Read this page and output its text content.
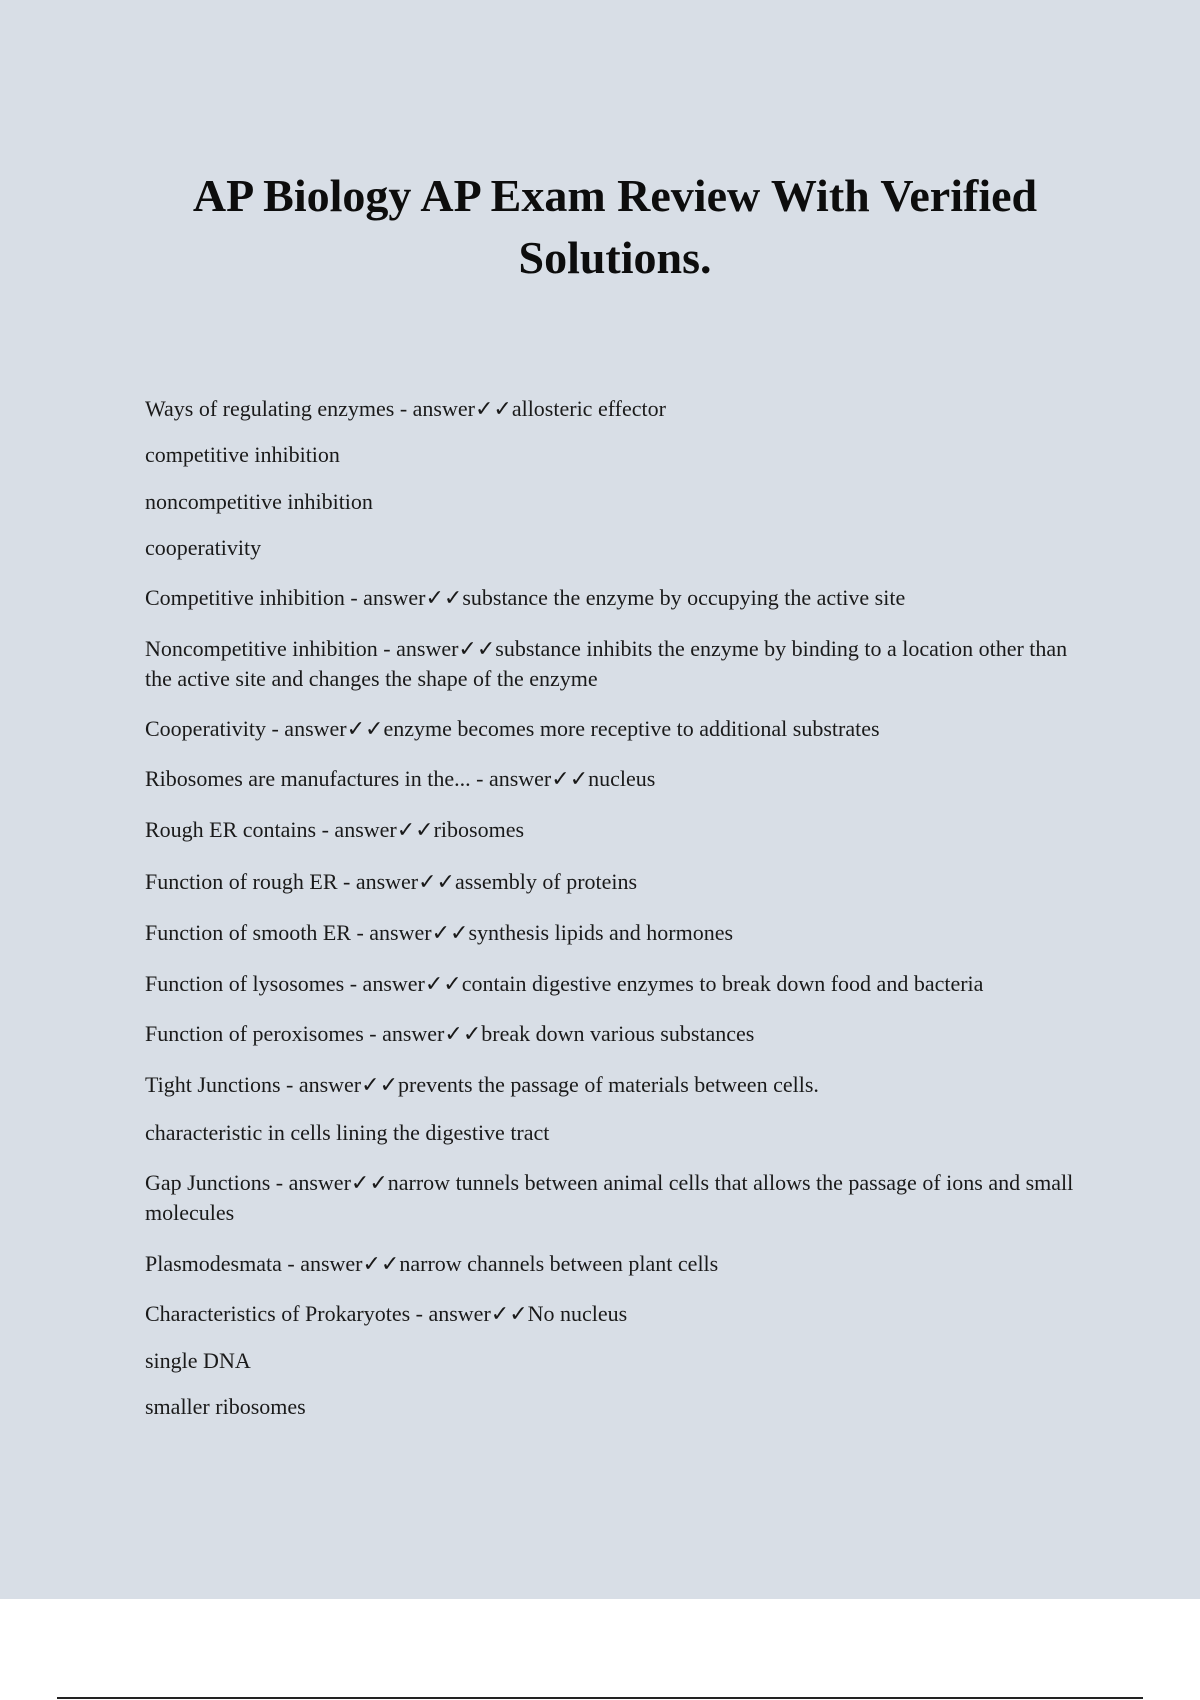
AP Biology AP Exam Review With Verified Solutions.
Ways of regulating enzymes - answer✓✓allosteric effector
competitive inhibition
noncompetitive inhibition
cooperativity
Competitive inhibition - answer✓✓substance the enzyme by occupying the active site
Noncompetitive inhibition - answer✓✓substance inhibits the enzyme by binding to a location other than the active site and changes the shape of the enzyme
Cooperativity - answer✓✓enzyme becomes more receptive to additional substrates
Ribosomes are manufactures in the... - answer✓✓nucleus
Rough ER contains - answer✓✓ribosomes
Function of rough ER - answer✓✓assembly of proteins
Function of smooth ER - answer✓✓synthesis lipids and hormones
Function of lysosomes - answer✓✓contain digestive enzymes to break down food and bacteria
Function of peroxisomes - answer✓✓break down various substances
Tight Junctions - answer✓✓prevents the passage of materials between cells.
characteristic in cells lining the digestive tract
Gap Junctions - answer✓✓narrow tunnels between animal cells that allows the passage of ions and small molecules
Plasmodesmata - answer✓✓narrow channels between plant cells
Characteristics of Prokaryotes - answer✓✓No nucleus
single DNA
smaller ribosomes
